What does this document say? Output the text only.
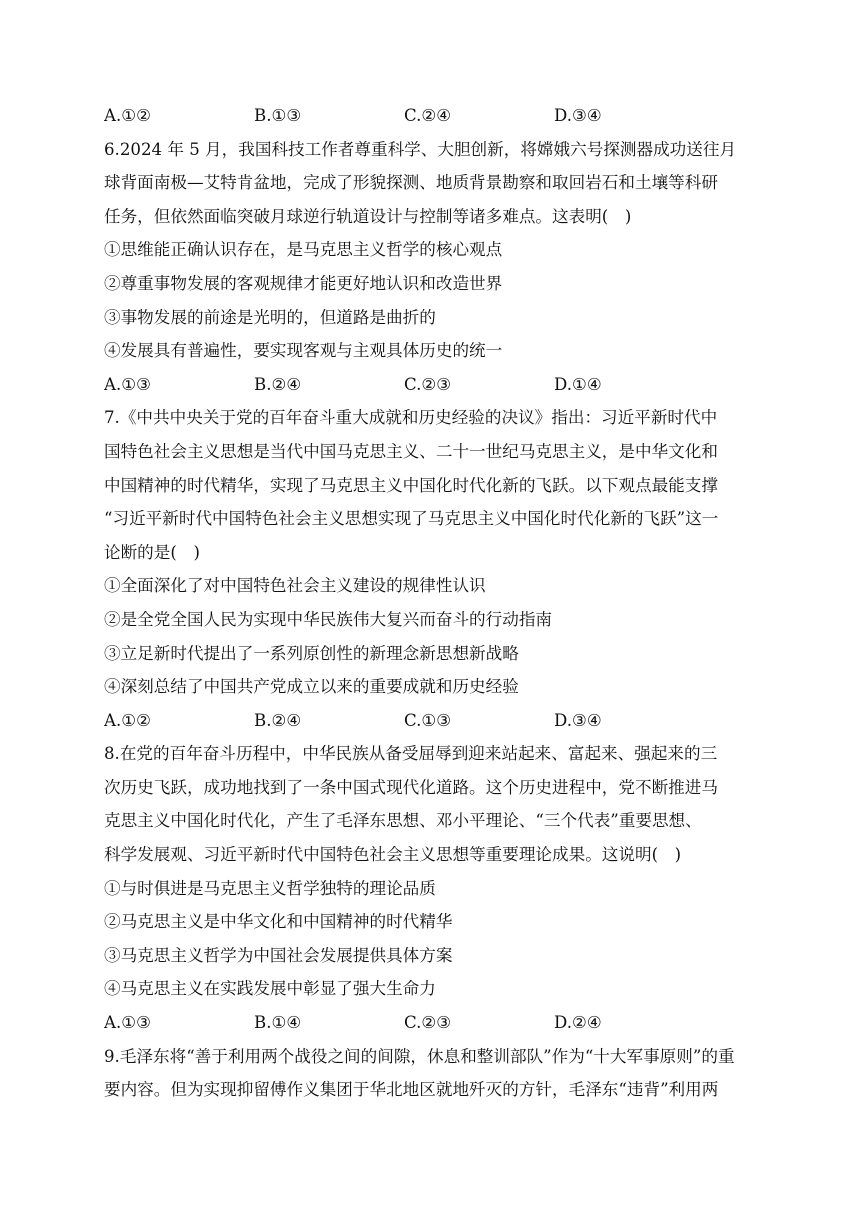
A.①②	B.①③	C.②④	D.③④
6.2024 年 5 月，我国科技工作者尊重科学、大胆创新，将嫦娥六号探测器成功送往月
球背面南极—艾特肯盆地，完成了形貌探测、地质背景勘察和取回岩石和土壤等科研
任务，但依然面临突破月球逆行轨道设计与控制等诸多难点。这表明(　)
①思维能正确认识存在，是马克思主义哲学的核心观点
②尊重事物发展的客观规律才能更好地认识和改造世界
③事物发展的前途是光明的，但道路是曲折的
④发展具有普遍性，要实现客观与主观具体历史的统一
A.①③	B.②④	C.②③	D.①④
7.《中共中央关于党的百年奋斗重大成就和历史经验的决议》指出：习近平新时代中
国特色社会主义思想是当代中国马克思主义、二十一世纪马克思主义，是中华文化和
中国精神的时代精华，实现了马克思主义中国化时代化新的飞跃。以下观点最能支撑
“习近平新时代中国特色社会主义思想实现了马克思主义中国化时代化新的飞跃”这一
论断的是(　)
①全面深化了对中国特色社会主义建设的规律性认识
②是全党全国人民为实现中华民族伟大复兴而奋斗的行动指南
③立足新时代提出了一系列原创性的新理念新思想新战略
④深刻总结了中国共产党成立以来的重要成就和历史经验
A.①②	B.②④	C.①③	D.③④
8.在党的百年奋斗历程中，中华民族从备受屈辱到迎来站起来、富起来、强起来的三
次历史飞跃，成功地找到了一条中国式现代化道路。这个历史进程中，党不断推进马
克思主义中国化时代化，产生了毛泽东思想、邓小平理论、“三个代表”重要思想、
科学发展观、习近平新时代中国特色社会主义思想等重要理论成果。这说明(　)
①与时俱进是马克思主义哲学独特的理论品质
②马克思主义是中华文化和中国精神的时代精华
③马克思主义哲学为中国社会发展提供具体方案
④马克思主义在实践发展中彰显了强大生命力
A.①③	B.①④	C.②③	D.②④
9.毛泽东将“善于利用两个战役之间的间隙，休息和整训部队”作为“十大军事原则”的重
要内容。但为实现抑留傅作义集团于华北地区就地歼灭的方针，毛泽东“违背”利用两
